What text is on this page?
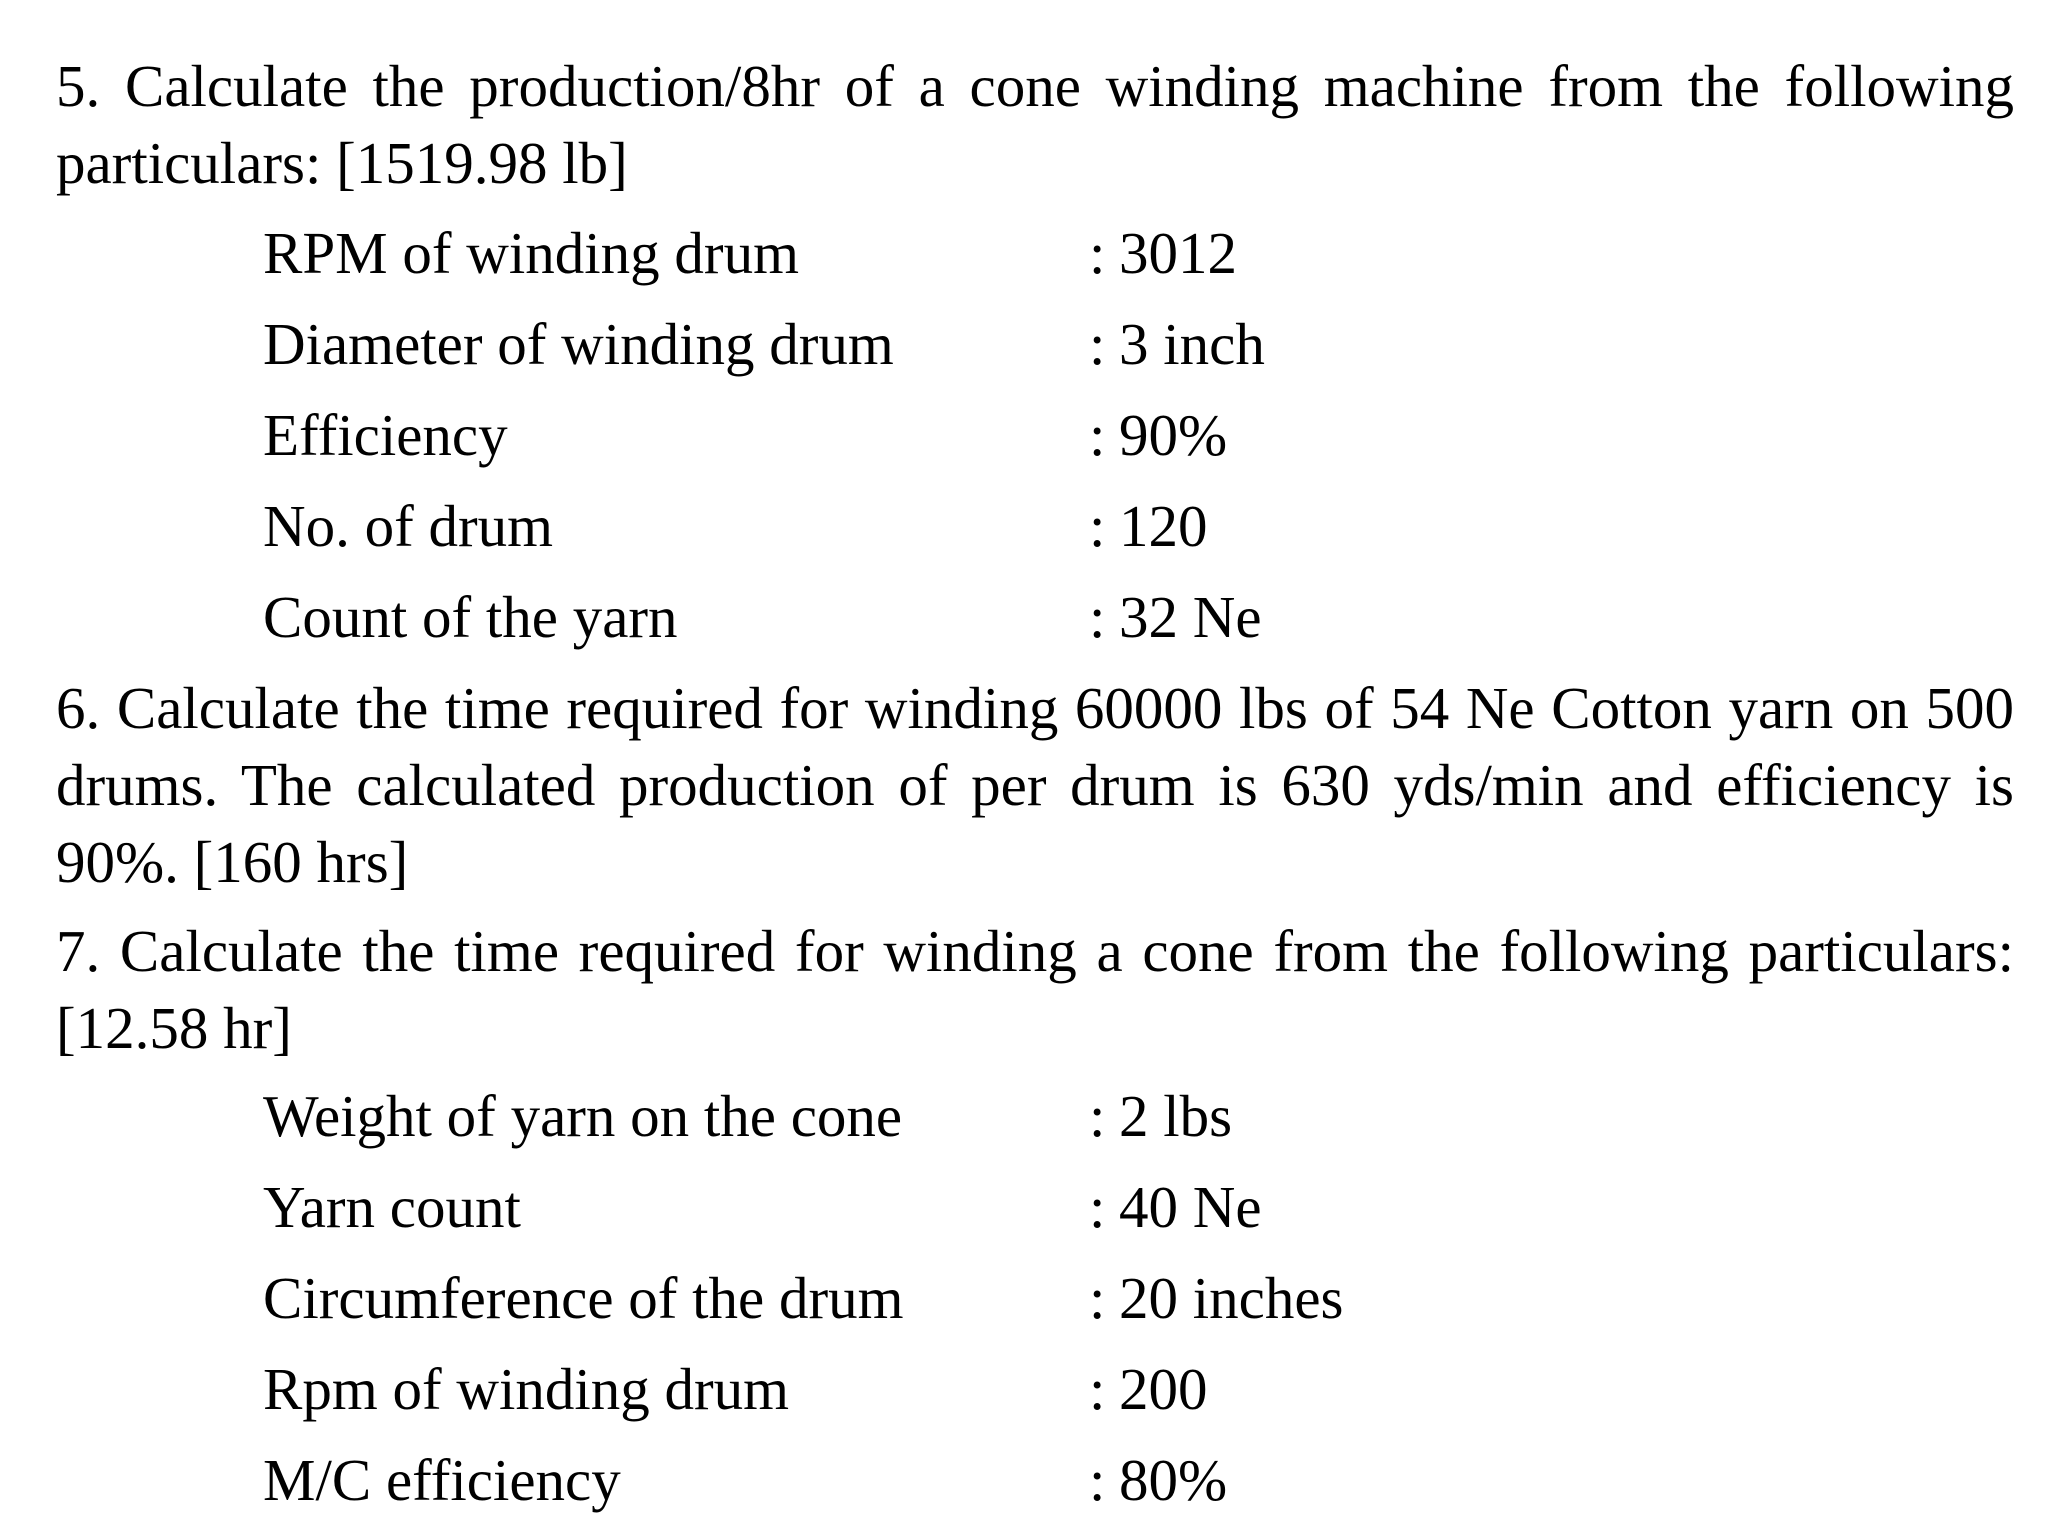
5. Calculate the production/8hr of a cone winding machine from the following particulars: [1519.98 lb]

RPM of winding drum	: 3012
Diameter of winding drum	: 3 inch
Efficiency	: 90%
No. of drum	: 120
Count of the yarn	: 32 Ne

6. Calculate the time required for winding 60000 lbs of 54 Ne Cotton yarn on 500 drums. The calculated production of per drum is 630 yds/min and efficiency is 90%. [160 hrs]

7. Calculate the time required for winding a cone from the following particulars: [12.58 hr]

Weight of yarn on the cone	: 2 lbs
Yarn count	: 40 Ne
Circumference of the drum	: 20 inches
Rpm of winding drum	: 200
M/C efficiency	: 80%
